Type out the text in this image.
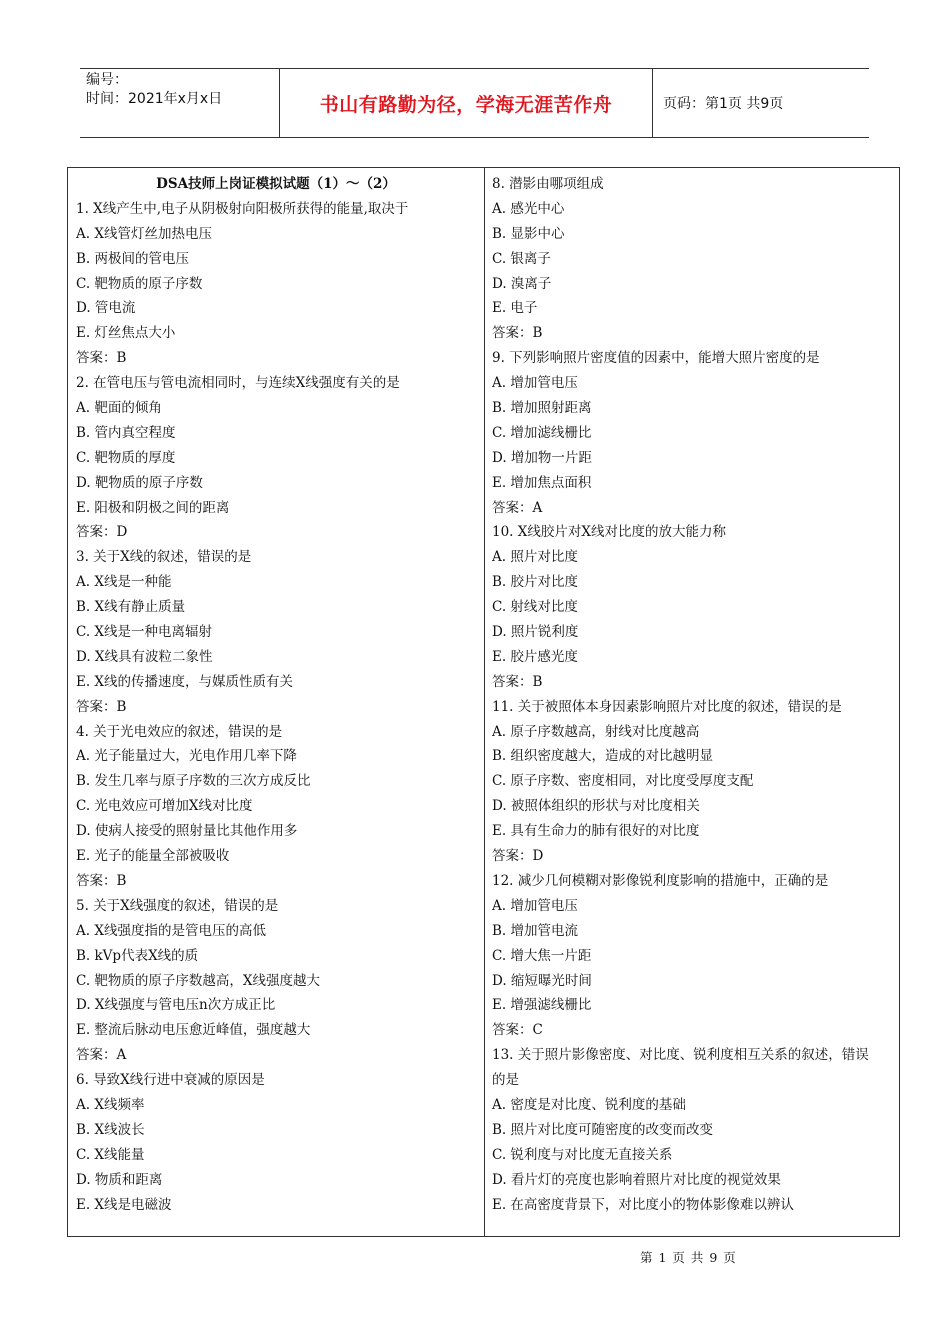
编号：
时间：2021年x月x日	书山有路勤为径，学海无涯苦作舟	页码：第1页 共9页
DSA技师上岗证模拟试题（1）～（2）
1. X线产生中,电子从阴极射向阳极所获得的能量,取决于
A. X线管灯丝加热电压
B. 两极间的管电压
C. 靶物质的原子序数
D. 管电流
E. 灯丝焦点大小
答案：B
2. 在管电压与管电流相同时，与连续X线强度有关的是
A. 靶面的倾角
B. 管内真空程度
C. 靶物质的厚度
D. 靶物质的原子序数
E. 阳极和阴极之间的距离
答案：D
3. 关于X线的叙述，错误的是
A. X线是一种能
B. X线有静止质量
C. X线是一种电离辐射
D. X线具有波粒二象性
E. X线的传播速度，与媒质性质有关
答案：B
4. 关于光电效应的叙述，错误的是
A. 光子能量过大，光电作用几率下降
B. 发生几率与原子序数的三次方成反比
C. 光电效应可增加X线对比度
D. 使病人接受的照射量比其他作用多
E. 光子的能量全部被吸收
答案：B
5. 关于X线强度的叙述，错误的是
A. X线强度指的是管电压的高低
B. kVp代表X线的质
C. 靶物质的原子序数越高，X线强度越大
D. X线强度与管电压n次方成正比
E. 整流后脉动电压愈近峰值，强度越大
答案：A
6. 导致X线行进中衰减的原因是
A. X线频率
B. X线波长
C. X线能量
D. 物质和距离
E. X线是电磁波
8. 潜影由哪项组成
A. 感光中心
B. 显影中心
C. 银离子
D. 溴离子
E. 电子
答案：B
9. 下列影响照片密度值的因素中，能增大照片密度的是
A. 增加管电压
B. 增加照射距离
C. 增加滤线栅比
D. 增加物一片距
E. 增加焦点面积
答案：A
10. X线胶片对X线对比度的放大能力称
A. 照片对比度
B. 胶片对比度
C. 射线对比度
D. 照片锐利度
E. 胶片感光度
答案：B
11. 关于被照体本身因素影响照片对比度的叙述，错误的是
A. 原子序数越高，射线对比度越高
B. 组织密度越大，造成的对比越明显
C. 原子序数、密度相同，对比度受厚度支配
D. 被照体组织的形状与对比度相关
E. 具有生命力的肺有很好的对比度
答案：D
12. 减少几何模糊对影像锐利度影响的措施中，正确的是
A. 增加管电压
B. 增加管电流
C. 增大焦一片距
D. 缩短曝光时间
E. 增强滤线栅比
答案：C
13. 关于照片影像密度、对比度、锐利度相互关系的叙述，错误
的是
A. 密度是对比度、锐利度的基础
B. 照片对比度可随密度的改变而改变
C. 锐利度与对比度无直接关系
D. 看片灯的亮度也影响着照片对比度的视觉效果
E. 在高密度背景下，对比度小的物体影像难以辨认
第 1 页 共 9 页
